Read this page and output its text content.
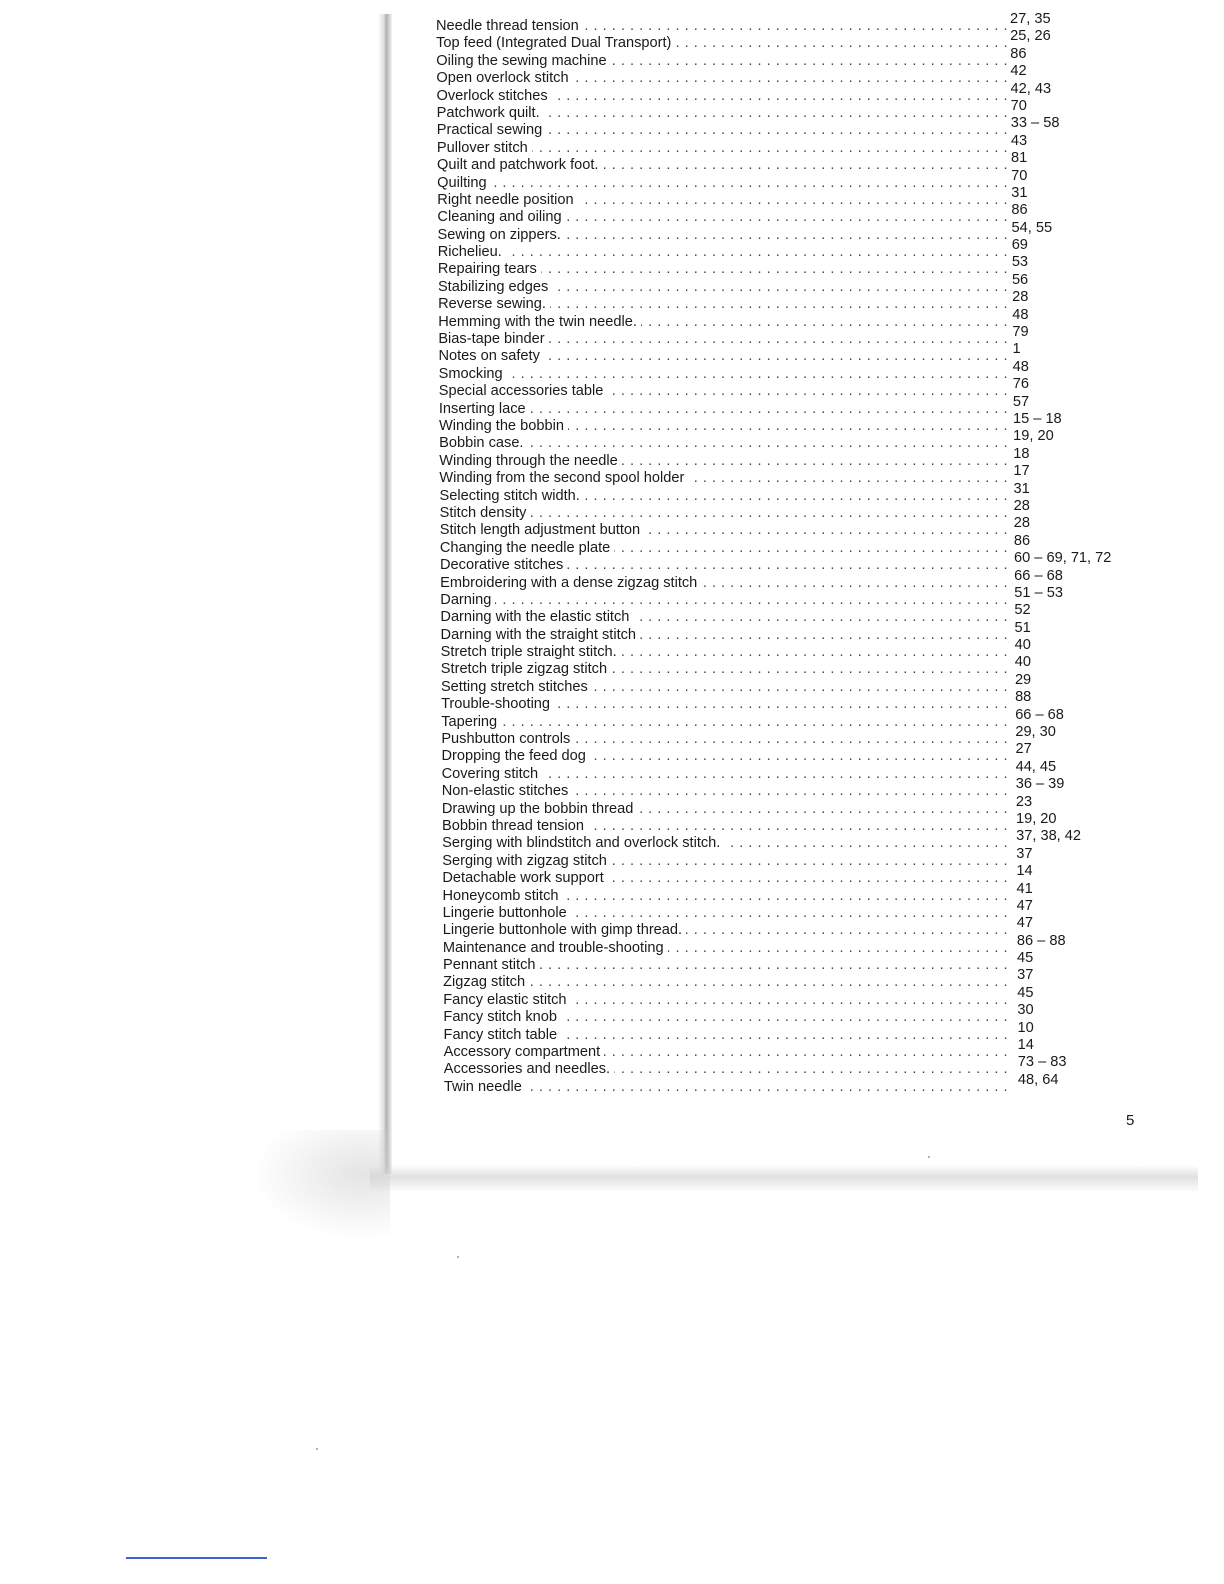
Needle thread tension . . .	27, 35
Top feed (Integrated Dual Transport) . . .	25, 26
Oiling the sewing machine . . .	86
Open overlock stitch . . .	42
Overlock stitches . . .	42, 43
Patchwork quilt. . . .	70
Practical sewing . . .	33 – 58
Pullover stitch . . .	43
Quilt and patchwork foot. . . .	81
Quilting . . .	70
Right needle position . . .	31
Cleaning and oiling . . .	86
Sewing on zippers. . . .	54, 55
Richelieu. . . .	69
Repairing tears . . .	53
Stabilizing edges . . .	56
Reverse sewing. . . .	28
Hemming with the twin needle. . . .	48
Bias-tape binder . . .	79
Notes on safety . . .	1
Smocking . . .	48
Special accessories table . . .	76
Inserting lace . . .	57
Winding the bobbin . . .	15 – 18
Bobbin case. . . .	19, 20
Winding through the needle . . .	18
Winding from the second spool holder . . .	17
Selecting stitch width. . . .	31
Stitch density . . .	28
Stitch length adjustment button . . .	28
Changing the needle plate . . .	86
Decorative stitches . . .	60 – 69, 71, 72
Embroidering with a dense zigzag stitch . . .	66 – 68
Darning . . .	51 – 53
Darning with the elastic stitch . . .	52
Darning with the straight stitch . . .	51
Stretch triple straight stitch. . . .	40
Stretch triple zigzag stitch . . .	40
Setting stretch stitches . . .	29
Trouble-shooting . . .	88
Tapering . . .	66 – 68
Pushbutton controls . . .	29, 30
Dropping the feed dog . . .	27
Covering stitch . . .	44, 45
Non-elastic stitches . . .	36 – 39
Drawing up the bobbin thread . . .	23
Bobbin thread tension . . .	19, 20
Serging with blindstitch and overlock stitch. . . .	37, 38, 42
Serging with zigzag stitch . . .	37
Detachable work support . . .	14
Honeycomb stitch . . .	41
Lingerie buttonhole . . .	47
Lingerie buttonhole with gimp thread. . . .	47
Maintenance and trouble-shooting . . .	86 – 88
Pennant stitch . . .	45
Zigzag stitch . . .	37
Fancy elastic stitch . . .	45
Fancy stitch knob . . .	30
Fancy stitch table . . .	10
Accessory compartment . . .	14
Accessories and needles. . . .	73 – 83
Twin needle . . .	48, 64
5
